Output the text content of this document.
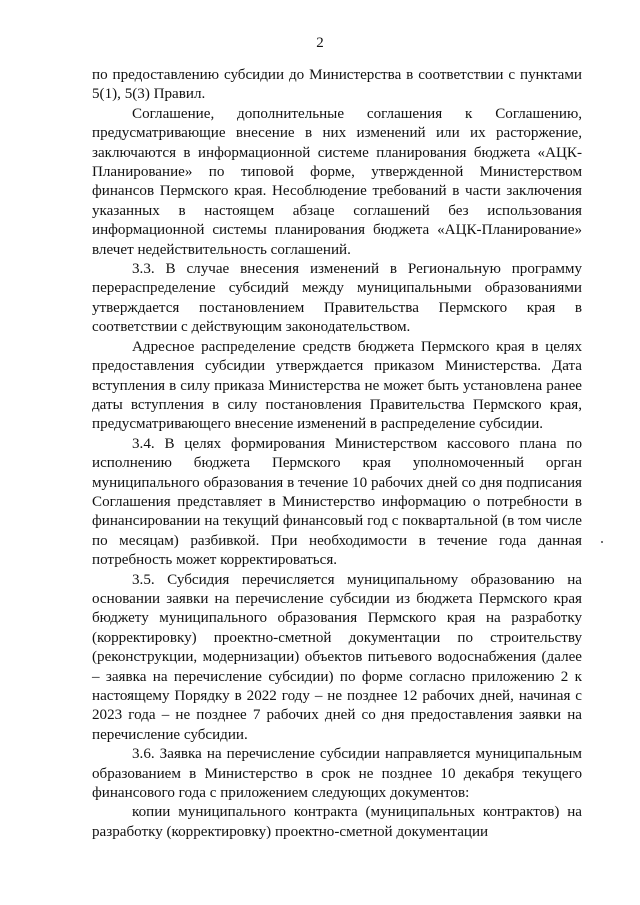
2

по предоставлению субсидии до Министерства в соответствии с пунктами 5(1), 5(3) Правил.

Соглашение, дополнительные соглашения к Соглашению, предусматривающие внесение в них изменений или их расторжение, заключаются в информационной системе планирования бюджета «АЦК-Планирование» по типовой форме, утвержденной Министерством финансов Пермского края. Несоблюдение требований в части заключения указанных в настоящем абзаце соглашений без использования информационной системы планирования бюджета «АЦК-Планирование» влечет недействительность соглашений.

3.3. В случае внесения изменений в Региональную программу перераспределение субсидий между муниципальными образованиями утверждается постановлением Правительства Пермского края в соответствии с действующим законодательством.

Адресное распределение средств бюджета Пермского края в целях предоставления субсидии утверждается приказом Министерства. Дата вступления в силу приказа Министерства не может быть установлена ранее даты вступления в силу постановления Правительства Пермского края, предусматривающего внесение изменений в распределение субсидии.

3.4. В целях формирования Министерством кассового плана по исполнению бюджета Пермского края уполномоченный орган муниципального образования в течение 10 рабочих дней со дня подписания Соглашения представляет в Министерство информацию о потребности в финансировании на текущий финансовый год с поквартальной (в том числе по месяцам) разбивкой. При необходимости в течение года данная потребность может корректироваться.

3.5. Субсидия перечисляется муниципальному образованию на основании заявки на перечисление субсидии из бюджета Пермского края бюджету муниципального образования Пермского края на разработку (корректировку) проектно-сметной документации по строительству (реконструкции, модернизации) объектов питьевого водоснабжения (далее – заявка на перечисление субсидии) по форме согласно приложению 2 к настоящему Порядку в 2022 году – не позднее 12 рабочих дней, начиная с 2023 года – не позднее 7 рабочих дней со дня предоставления заявки на перечисление субсидии.

3.6. Заявка на перечисление субсидии направляется муниципальным образованием в Министерство в срок не позднее 10 декабря текущего финансового года с приложением следующих документов:

копии муниципального контракта (муниципальных контрактов) на разработку (корректировку) проектно-сметной документации
